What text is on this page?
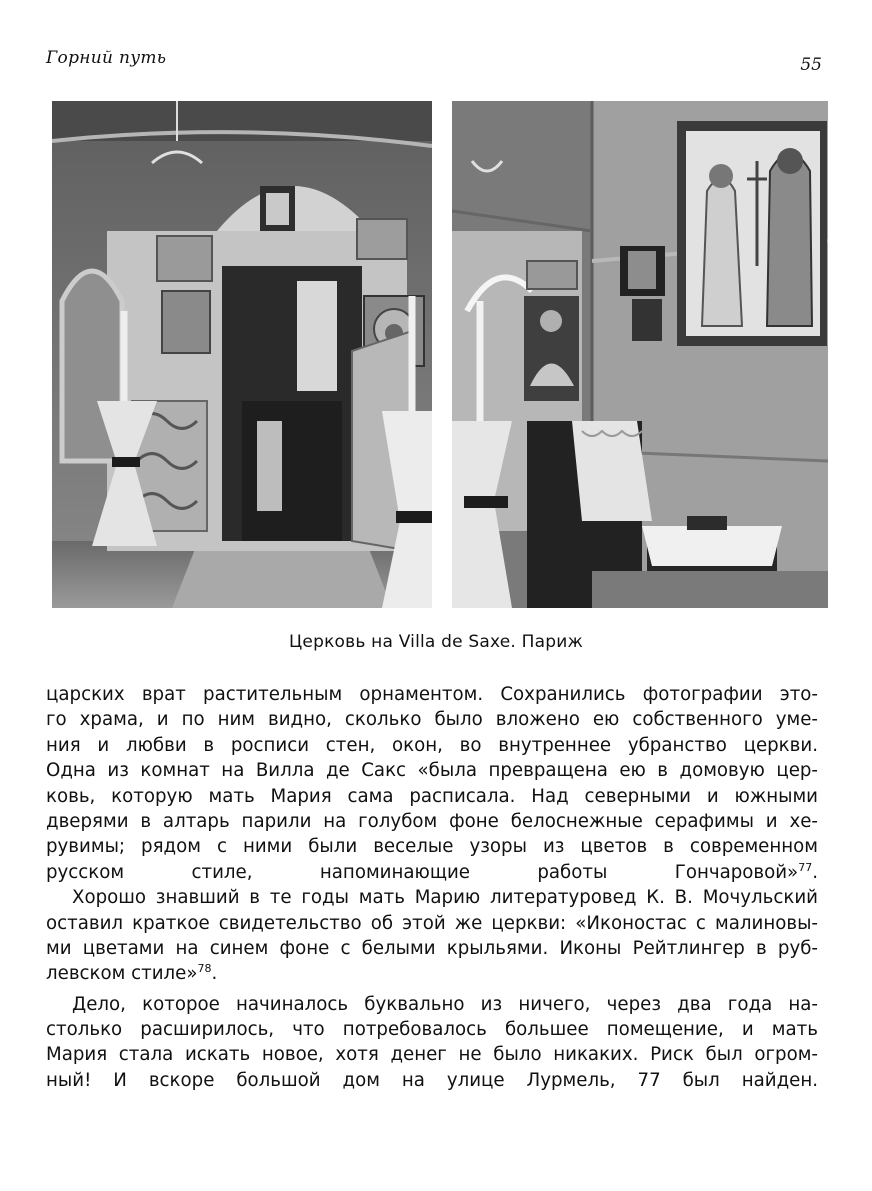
Горний путь	55
Церковь на Villa de Saxe. Париж
царских врат растительным орнаментом. Сохранились фотографии это-
го храма, и по ним видно, сколько было вложено ею собственного уме-
ния и любви в росписи стен, окон, во внутреннее убранство церкви.
Одна из комнат на Вилла де Сакс «была превращена ею в домовую цер-
ковь, которую мать Мария сама расписала. Над северными и южными
дверями в алтарь парили на голубом фоне белоснежные серафимы и хе-
рувимы; рядом с ними были веселые узоры из цветов в современном
русском стиле, напоминающие работы Гончаровой»$^{77}$.
Хорошо знавший в те годы мать Марию литературовед К. В. Мочульский
оставил краткое свидетельство об этой же церкви: «Иконостас с малиновы-
ми цветами на синем фоне с белыми крыльями. Иконы Рейтлингер в руб-
левском стиле»$^{78}$.
Дело, которое начиналось буквально из ничего, через два года на-
столько расширилось, что потребовалось большее помещение, и мать
Мария стала искать новое, хотя денег не было никаких. Риск был огром-
ный! И вскоре большой дом на улице Лурмель, 77 был найден.
